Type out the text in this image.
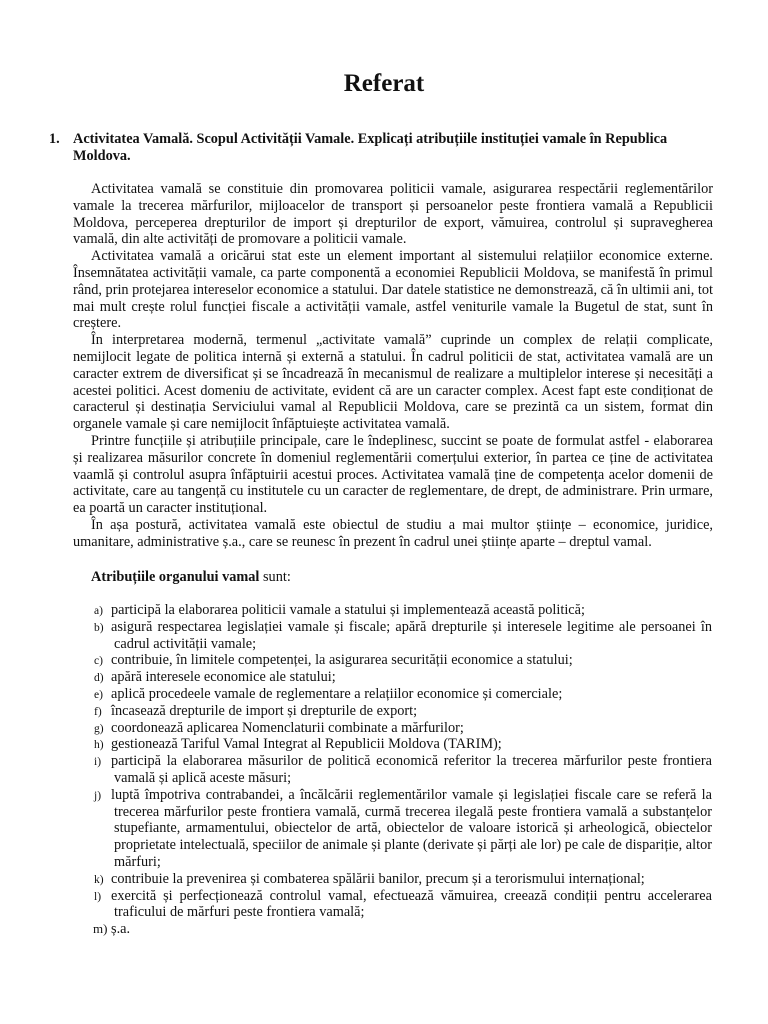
Referat
1. Activitatea Vamală. Scopul Activității Vamale. Explicați atribuțiile instituției vamale în Republica Moldova.

Activitatea vamală se constituie din promovarea politicii vamale, asigurarea respectării reglementărilor vamale la trecerea mărfurilor, mijloacelor de transport și persoanelor peste frontiera vamală a Republicii Moldova, perceperea drepturilor de import și drepturilor de export, vămuirea, controlul și supravegherea vamală, din alte activități de promovare a politicii vamale.

Activitatea vamală a oricărui stat este un element important al sistemului relațiilor economice externe. Însemnătatea activității vamale, ca parte componentă a economiei Republicii Moldova, se manifestă în primul rând, prin protejarea intereselor economice a statului. Dar datele statistice ne demonstrează, că în ultimii ani, tot mai mult crește rolul funcției fiscale a activității vamale, astfel veniturile vamale la Bugetul de stat, sunt în creștere.

În interpretarea modernă, termenul „activitate vamală” cuprinde un complex de relații complicate, nemijlocit legate de politica internă și externă a statului. În cadrul politicii de stat, activitatea vamală are un caracter extrem de diversificat și se încadrează în mecanismul de realizare a multiplelor interese și necesități a acestei politici. Acest domeniu de activitate, evident că are un caracter complex. Acest fapt este condiționat de caracterul și destinația Serviciului vamal al Republicii Moldova, care se prezintă ca un sistem, format din organele vamale și care nemijlocit înfăptuiește activitatea vamală.

Printre funcțiile și atribuțiile principale, care le îndeplinesc, succint se poate de formulat astfel - elaborarea și realizarea măsurilor concrete în domeniul reglementării comerțului exterior, în partea ce ține de activitatea vaamlă și controlul asupra înfăptuirii acestui proces. Activitatea vamală ține de competența acelor domenii de activitate, care au tangență cu institutele cu un caracter de reglementare, de drept, de administrare. Prin urmare, ea poartă un caracter instituțional.

În așa postură, activitatea vamală este obiectul de studiu a mai multor științe – economice, juridice, umanitare, administrative ș.a., care se reunesc în prezent în cadrul unei științe aparte – dreptul vamal.

Atribuțiile organului vamal sunt:
a) participă la elaborarea politicii vamale a statului și implementează această politică;
b) asigură respectarea legislației vamale și fiscale; apără drepturile și interesele legitime ale persoanei în cadrul activității vamale;
c) contribuie, în limitele competenței, la asigurarea securității economice a statului;
d) apără interesele economice ale statului;
e) aplică procedeele vamale de reglementare a relațiilor economice și comerciale;
f) încasează drepturile de import și drepturile de export;
g) coordonează aplicarea Nomenclaturii combinate a mărfurilor;
h) gestionează Tariful Vamal Integrat al Republicii Moldova (TARIM);
i) participă la elaborarea măsurilor de politică economică referitor la trecerea mărfurilor peste frontiera vamală și aplică aceste măsuri;
j) luptă împotriva contrabandei, a încălcării reglementărilor vamale și legislației fiscale care se referă la trecerea mărfurilor peste frontiera vamală, curmă trecerea ilegală peste frontiera vamală a substanțelor stupefiante, armamentului, obiectelor de artă, obiectelor de valoare istorică și arheologică, obiectelor proprietate intelectuală, speciilor de animale și plante (derivate și părți ale lor) pe cale de dispariție, altor mărfuri;
k) contribuie la prevenirea și combaterea spălării banilor, precum și a terorismului internațional;
l) exercită și perfecționează controlul vamal, efectuează vămuirea, creează condiții pentru accelerarea traficului de mărfuri peste frontiera vamală;
m) ș.a.
